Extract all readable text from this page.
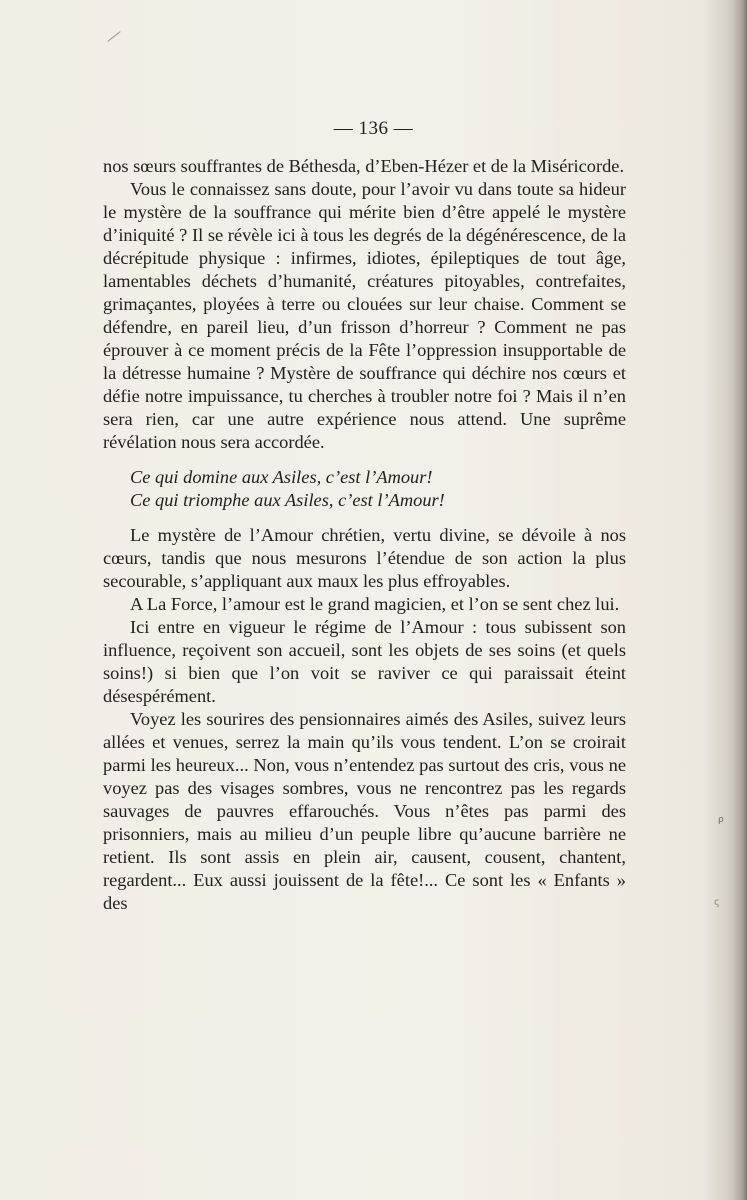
— 136 —

nos sœurs souffrantes de Béthesda, d’Eben-Hézer et de la Miséricorde.

Vous le connaissez sans doute, pour l’avoir vu dans toute sa hideur le mystère de la souffrance qui mérite bien d’être appelé le mystère d’iniquité ? Il se révèle ici à tous les degrés de la dégénérescence, de la décrépitude physique : infirmes, idiotes, épileptiques de tout âge, lamentables déchets d’humanité, créatures pitoyables, contrefaites, grimaçantes, ployées à terre ou clouées sur leur chaise. Comment se défendre, en pareil lieu, d’un frisson d’horreur ? Comment ne pas éprouver à ce moment précis de la Fête l’oppression insupportable de la détresse humaine ? Mystère de souffrance qui déchire nos cœurs et défie notre impuissance, tu cherches à troubler notre foi ? Mais il n’en sera rien, car une autre expérience nous attend. Une suprême révélation nous sera accordée.

Ce qui domine aux Asiles, c’est l’Amour!
Ce qui triomphe aux Asiles, c’est l’Amour!

Le mystère de l’Amour chrétien, vertu divine, se dévoile à nos cœurs, tandis que nous mesurons l’étendue de son action la plus secourable, s’appliquant aux maux les plus effroyables.

A La Force, l’amour est le grand magicien, et l’on se sent chez lui.

Ici entre en vigueur le régime de l’Amour : tous subissent son influence, reçoivent son accueil, sont les objets de ses soins (et quels soins!) si bien que l’on voit se raviver ce qui paraissait éteint désespérément.

Voyez les sourires des pensionnaires aimés des Asiles, suivez leurs allées et venues, serrez la main qu’ils vous tendent. L’on se croirait parmi les heureux... Non, vous n’entendez pas surtout des cris, vous ne voyez pas des visages sombres, vous ne rencontrez pas les regards sauvages de pauvres effarouchés. Vous n’êtes pas parmi des prisonniers, mais au milieu d’un peuple libre qu’aucune barrière ne retient. Ils sont assis en plein air, causent, cousent, chantent, regardent... Eux aussi jouissent de la fête!... Ce sont les « Enfants » des

ρ
ς
